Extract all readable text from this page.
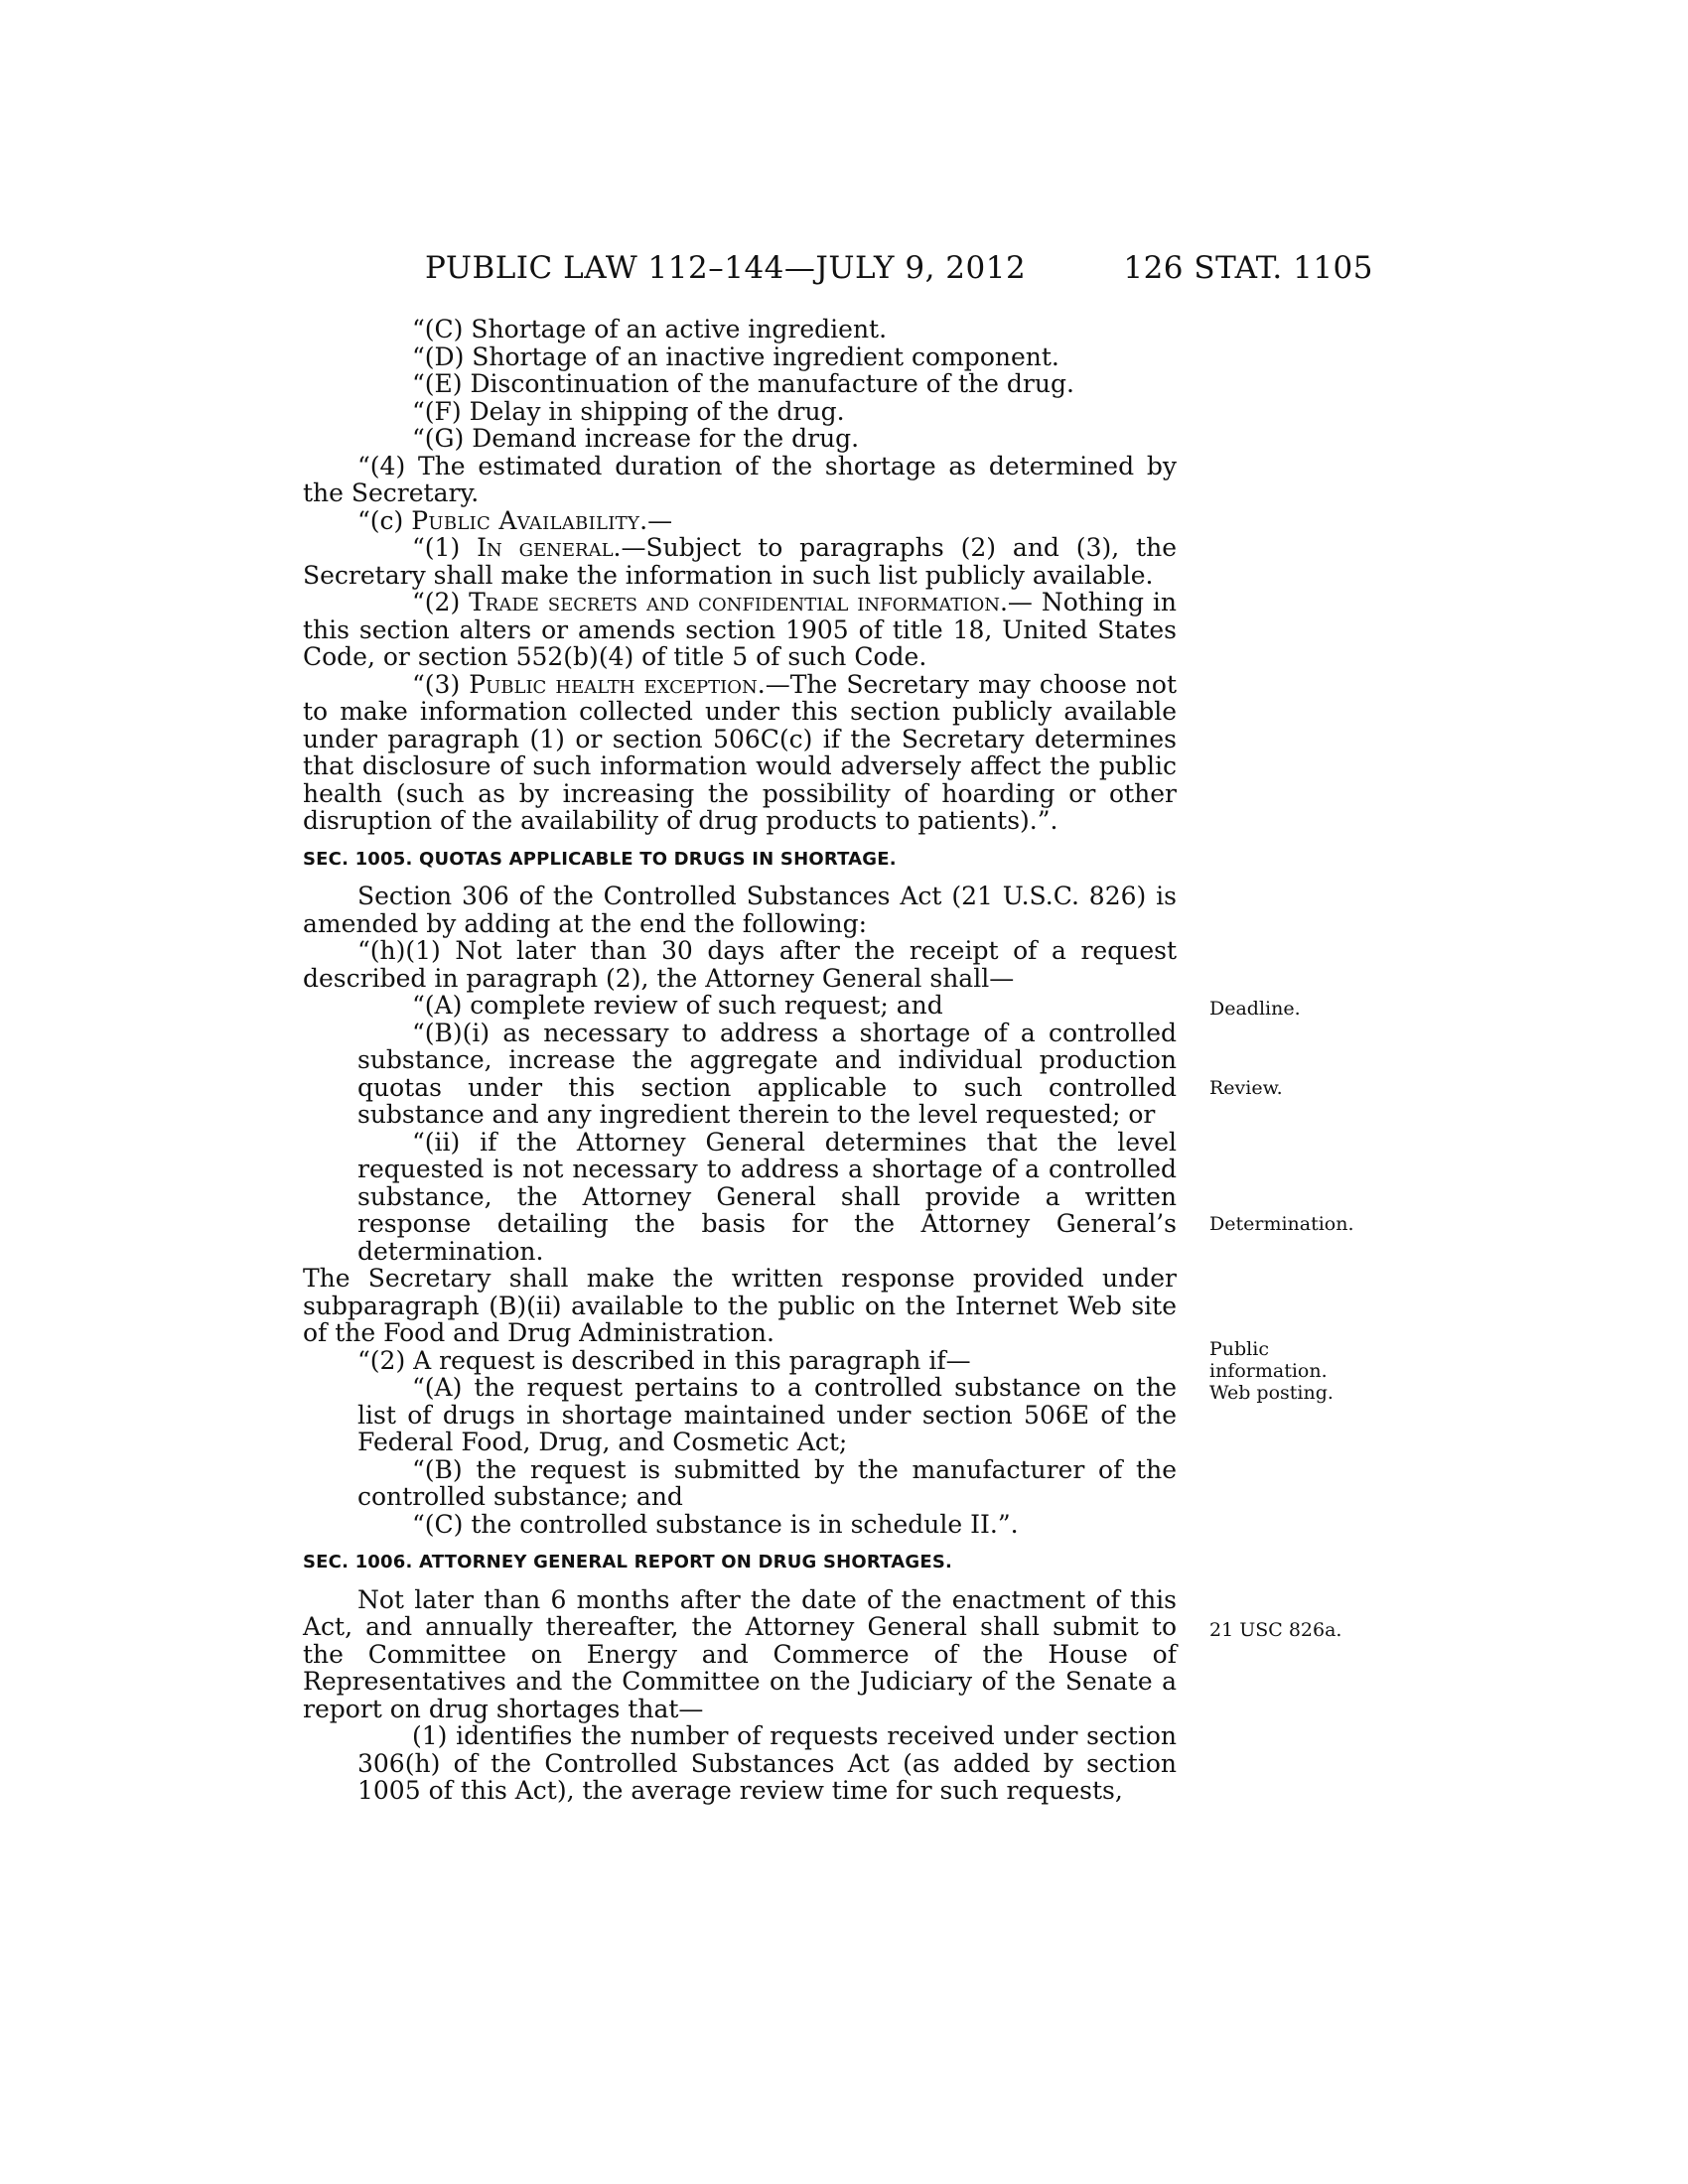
PUBLIC LAW 112–144—JULY 9, 2012	126 STAT. 1105

“(C) Shortage of an active ingredient.

“(D) Shortage of an inactive ingredient component.

“(E) Discontinuation of the manufacture of the drug.

“(F) Delay in shipping of the drug.

“(G) Demand increase for the drug.

“(4) The estimated duration of the shortage as determined by the Secretary.

“(c) Public Availability.—

“(1) In general.—Subject to paragraphs (2) and (3), the Secretary shall make the information in such list publicly available.

“(2) Trade secrets and confidential information.— Nothing in this section alters or amends section 1905 of title 18, United States Code, or section 552(b)(4) of title 5 of such Code.

“(3) Public health exception.—The Secretary may choose not to make information collected under this section publicly available under paragraph (1) or section 506C(c) if the Secretary determines that disclosure of such information would adversely affect the public health (such as by increasing the possibility of hoarding or other disruption of the availability of drug products to patients).”.

SEC. 1005. QUOTAS APPLICABLE TO DRUGS IN SHORTAGE.

Section 306 of the Controlled Substances Act (21 U.S.C. 826) is amended by adding at the end the following:

“(h)(1) Not later than 30 days after the receipt of a request described in paragraph (2), the Attorney General shall—

“(A) complete review of such request; and

“(B)(i) as necessary to address a shortage of a controlled substance, increase the aggregate and individual production quotas under this section applicable to such controlled substance and any ingredient therein to the level requested; or

“(ii) if the Attorney General determines that the level requested is not necessary to address a shortage of a controlled substance, the Attorney General shall provide a written response detailing the basis for the Attorney General’s determination.

The Secretary shall make the written response provided under subparagraph (B)(ii) available to the public on the Internet Web site of the Food and Drug Administration.

“(2) A request is described in this paragraph if—

“(A) the request pertains to a controlled substance on the list of drugs in shortage maintained under section 506E of the Federal Food, Drug, and Cosmetic Act;

“(B) the request is submitted by the manufacturer of the controlled substance; and

“(C) the controlled substance is in schedule II.”.

SEC. 1006. ATTORNEY GENERAL REPORT ON DRUG SHORTAGES.

Not later than 6 months after the date of the enactment of this Act, and annually thereafter, the Attorney General shall submit to the Committee on Energy and Commerce of the House of Representatives and the Committee on the Judiciary of the Senate a report on drug shortages that—

(1) identifies the number of requests received under section 306(h) of the Controlled Substances Act (as added by section 1005 of this Act), the average review time for such requests,

Deadline.
Review.
Determination.
Public information.
Web posting.
21 USC 826a.
